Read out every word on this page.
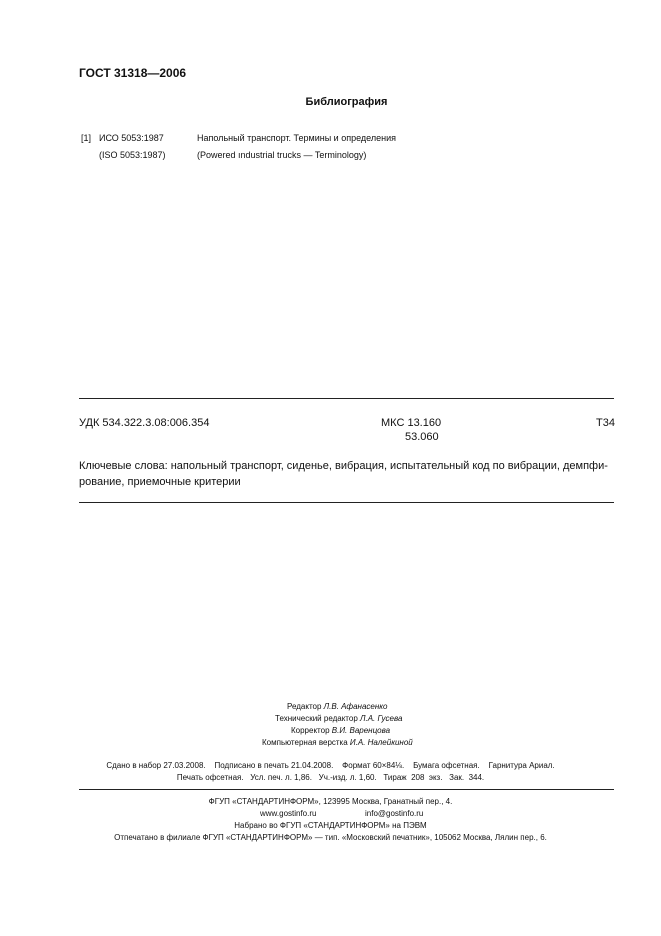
ГОСТ 31318—2006
Библиография
[1] ИСО 5053:1987	Напольный транспорт. Термины и определения
(ISO 5053:1987)	(Powered ındustrial trucks — Terminology)
УДК 534.322.3.08:006.354	МКС 13.160
53.060
Т34
Ключевые слова: напольный транспорт, сиденье, вибрация, испытательный код по вибрации, демпфи-рование, приемочные критерии
Редактор Л.В. Афанасенко
Технический редактор Л.А. Гусева
Корректор В.И. Варенцова
Компьютерная верстка И.А. Налейкиной
Сдано в набор 27.03.2008.    Подписано в печать 21.04.2008.    Формат 60×84⅛.    Бумага офсетная.    Гарнитура Ариал.
Печать офсетная.   Усл. печ. л. 1,86.   Уч.-изд. л. 1,60.   Тираж  208  экз.   Зак.  344.
ФГУП «СТАНДАРТИНФОРМ», 123995 Москва, Гранатный пер., 4.
www.gostinfo.ru	info@gostinfo.ru
Набрано во ФГУП «СТАНДАРТИНФОРМ» на ПЭВМ
Отпечатано в филиале ФГУП «СТАНДАРТИНФОРМ» — тип. «Московский печатник», 105062 Москва, Лялин пер., 6.
